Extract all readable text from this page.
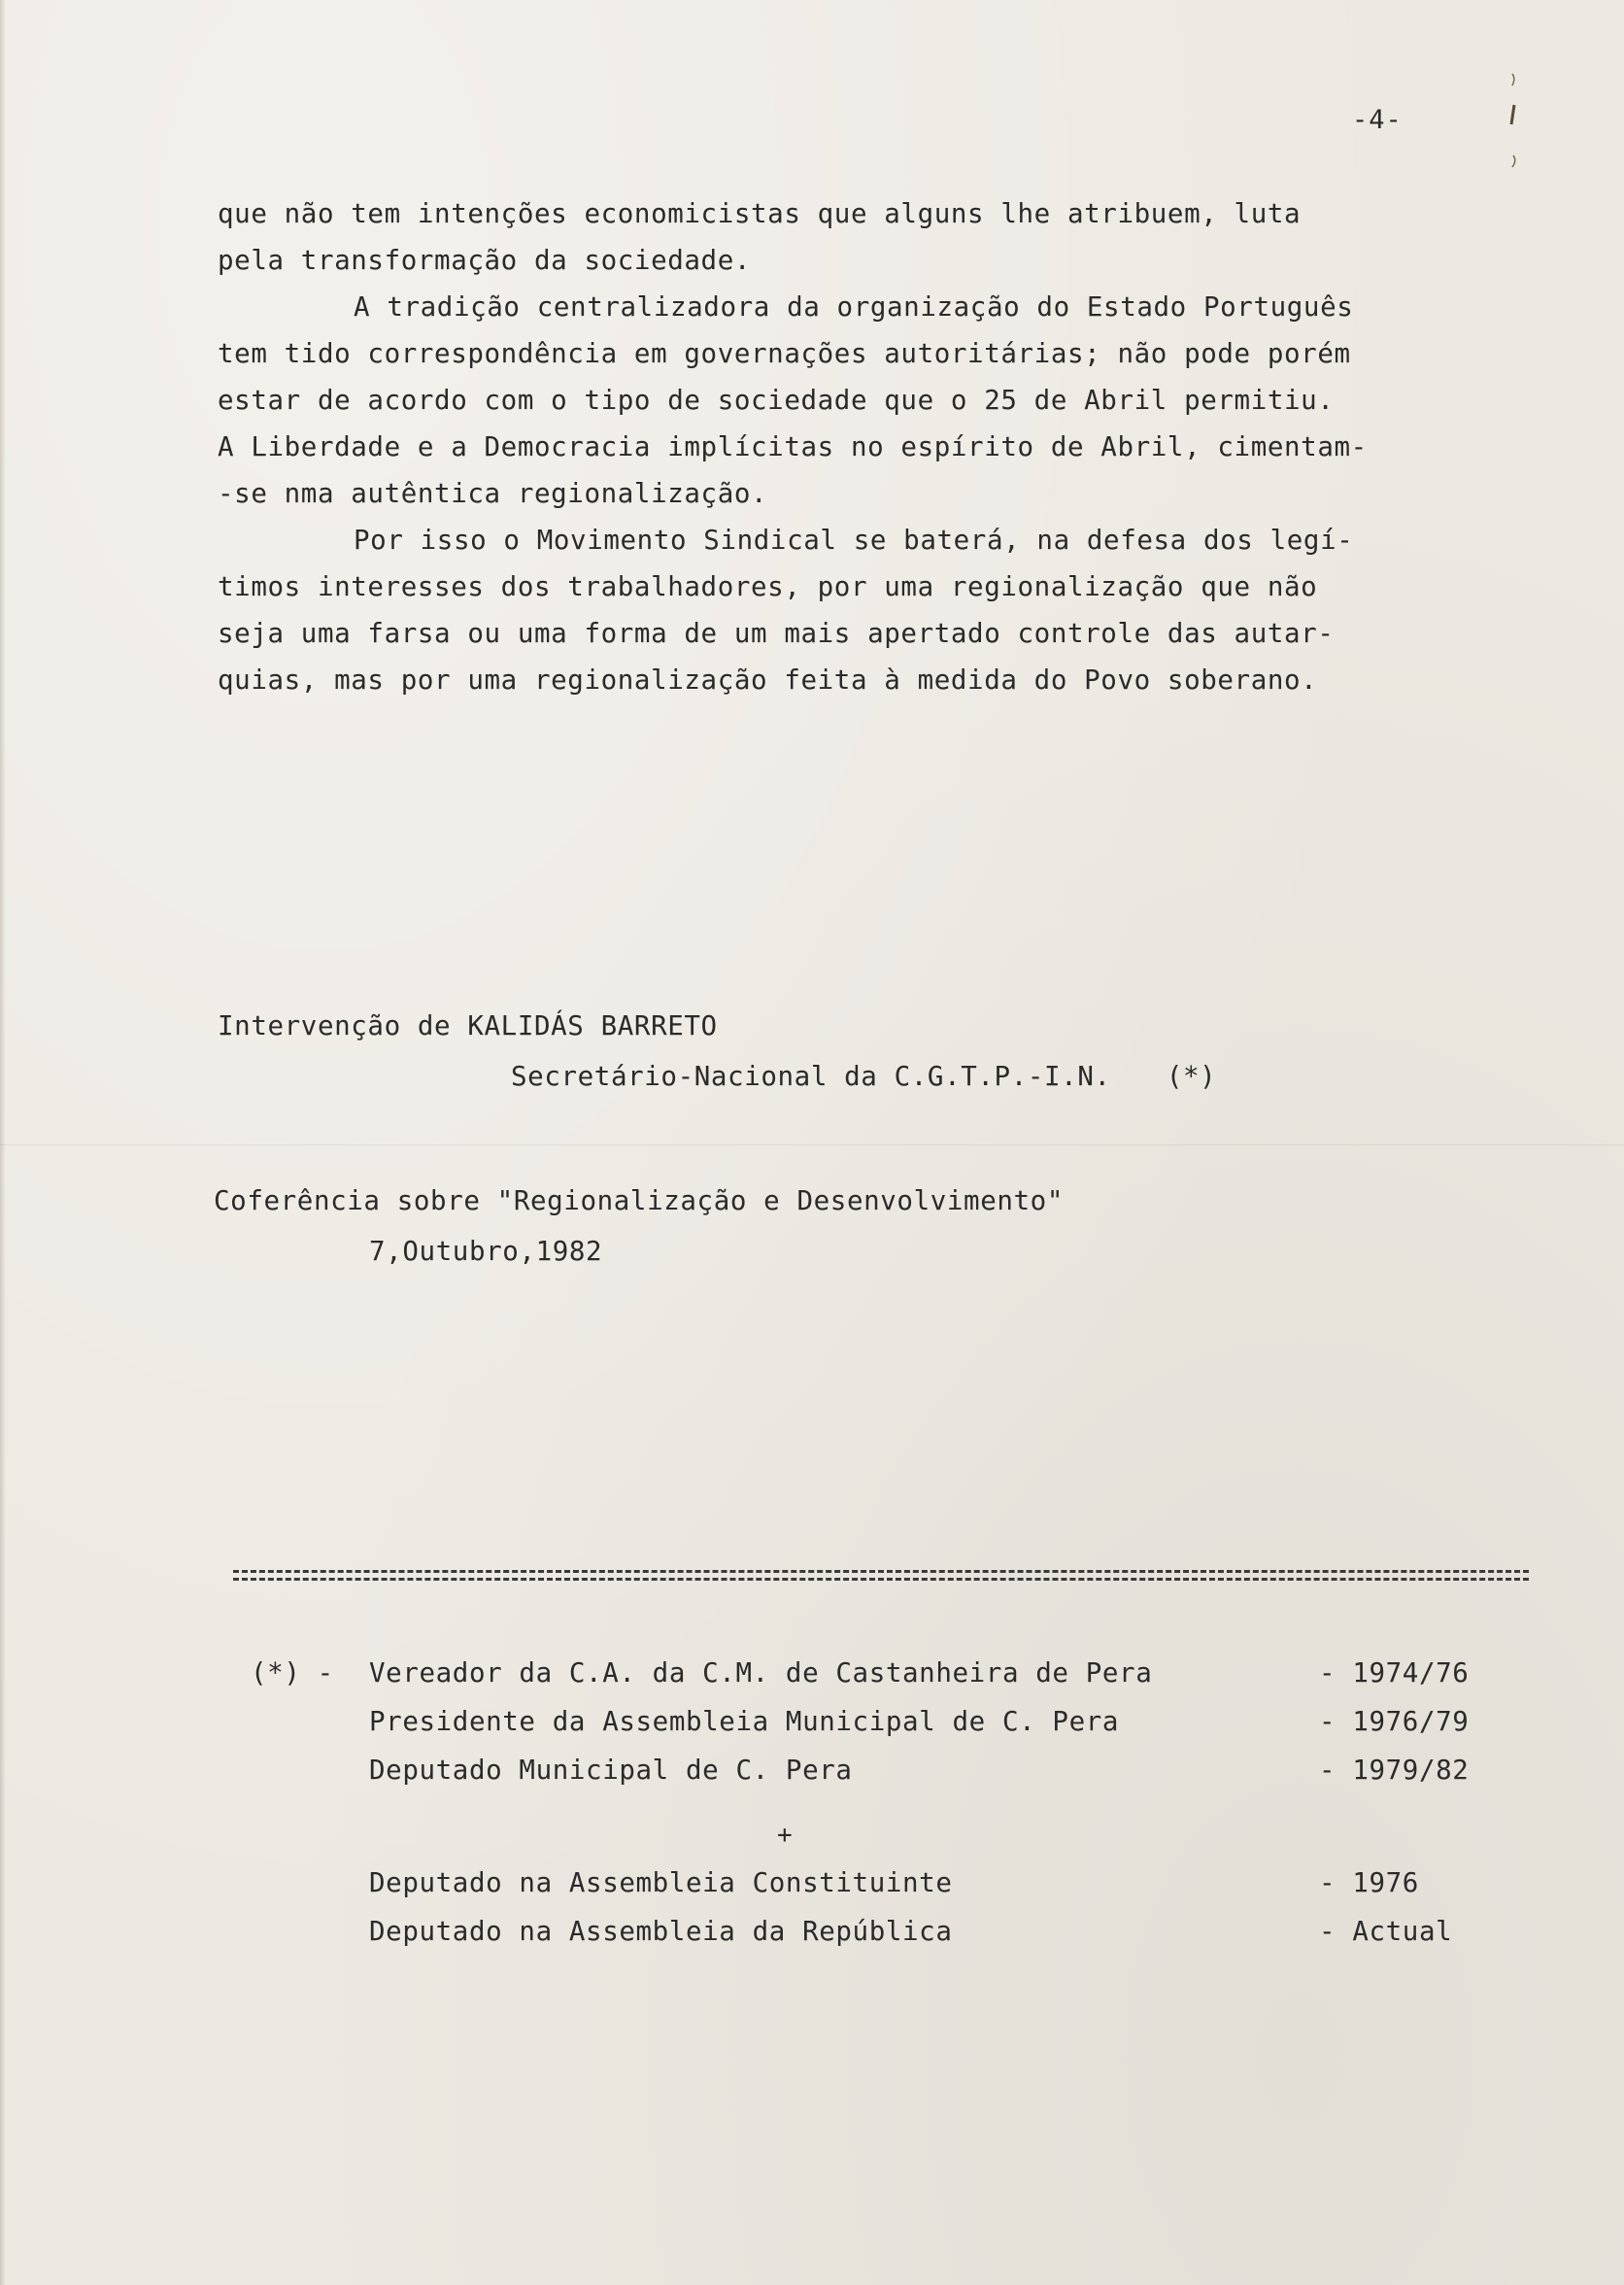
-4-
que não tem intenções economicistas que alguns lhe atribuem, luta
pela transformação da sociedade.
A tradição centralizadora da organização do Estado Português
tem tido correspondência em governações autoritárias; não pode porém
estar de acordo com o tipo de sociedade que o 25 de Abril permitiu.
A Liberdade e a Democracia implícitas no espírito de Abril, cimentam-
-se nma autêntica regionalização.
Por isso o Movimento Sindical se baterá, na defesa dos legí-
timos interesses dos trabalhadores, por uma regionalização que não
seja uma farsa ou uma forma de um mais apertado controle das autar-
quias, mas por uma regionalização feita à medida do Povo soberano.
Intervenção de KALIDÁS BARRETO
Secretário-Nacional da C.G.T.P.-I.N. (*)
Coferência sobre "Regionalização e Desenvolvimento"
7,Outubro,1982
(*) - Vereador da C.A. da C.M. de Castanheira de Pera	- 1974/76
Presidente da Assembleia Municipal de C. Pera	- 1976/79
Deputado Municipal de C. Pera	- 1979/82
+
Deputado na Assembleia Constituinte	- 1976
Deputado na Assembleia da República	- Actual
